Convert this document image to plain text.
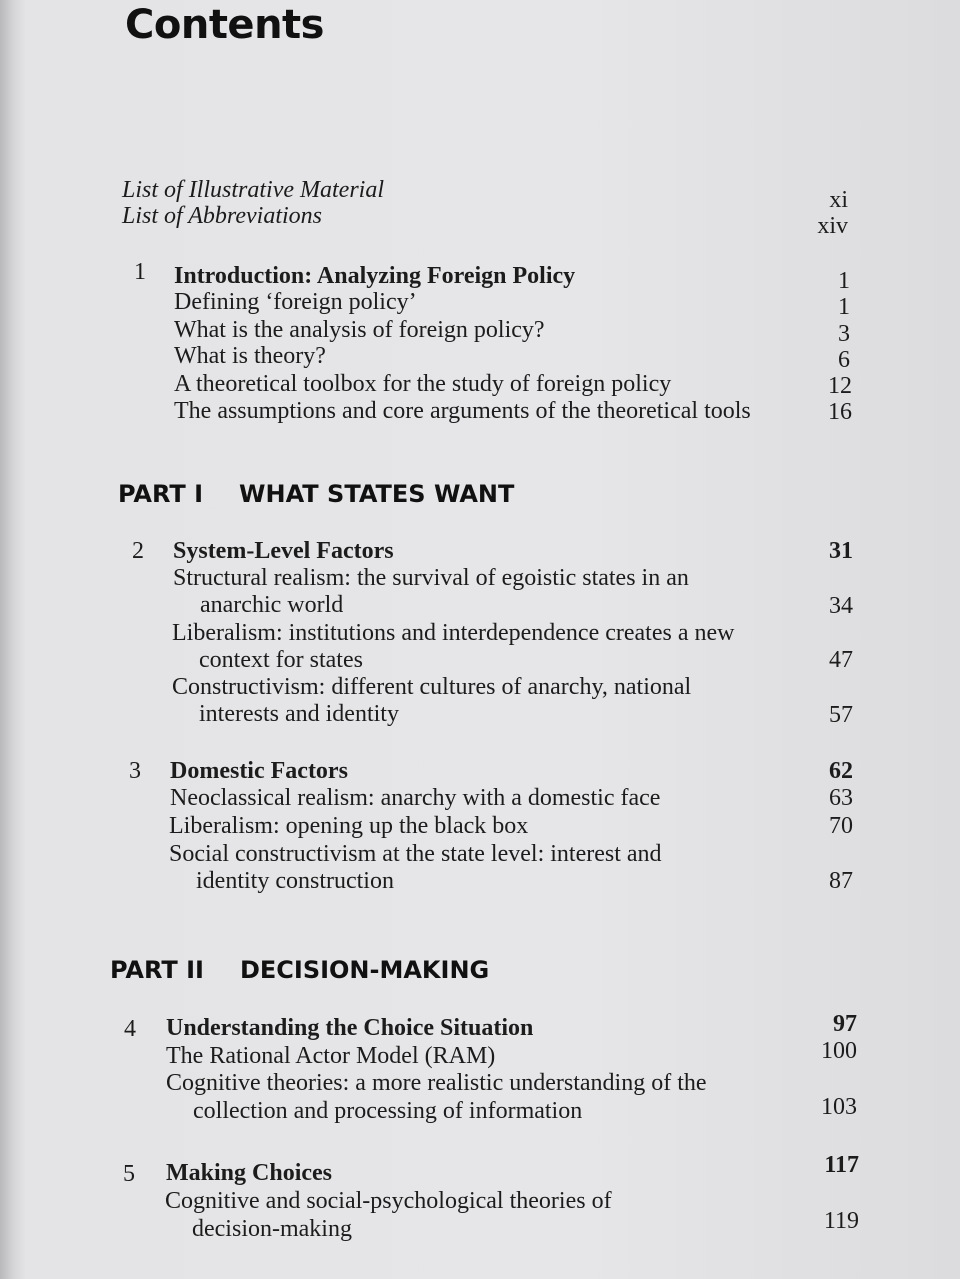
Contents
List of Illustrative Material	xi
List of Abbreviations	xiv
1 Introduction: Analyzing Foreign Policy	1
Defining ‘foreign policy’	1
What is the analysis of foreign policy?	3
What is theory?	6
A theoretical toolbox for the study of foreign policy	12
The assumptions and core arguments of the theoretical tools	16
PART I WHAT STATES WANT
2 System-Level Factors	31
Structural realism: the survival of egoistic states in an
anarchic world	34
Liberalism: institutions and interdependence creates a new
context for states	47
Constructivism: different cultures of anarchy, national
interests and identity	57
3 Domestic Factors	62
Neoclassical realism: anarchy with a domestic face	63
Liberalism: opening up the black box	70
Social constructivism at the state level: interest and
identity construction	87
PART II DECISION-MAKING
4 Understanding the Choice Situation	97
The Rational Actor Model (RAM)	100
Cognitive theories: a more realistic understanding of the
collection and processing of information	103
5 Making Choices	117
Cognitive and social-psychological theories of
decision-making	119
